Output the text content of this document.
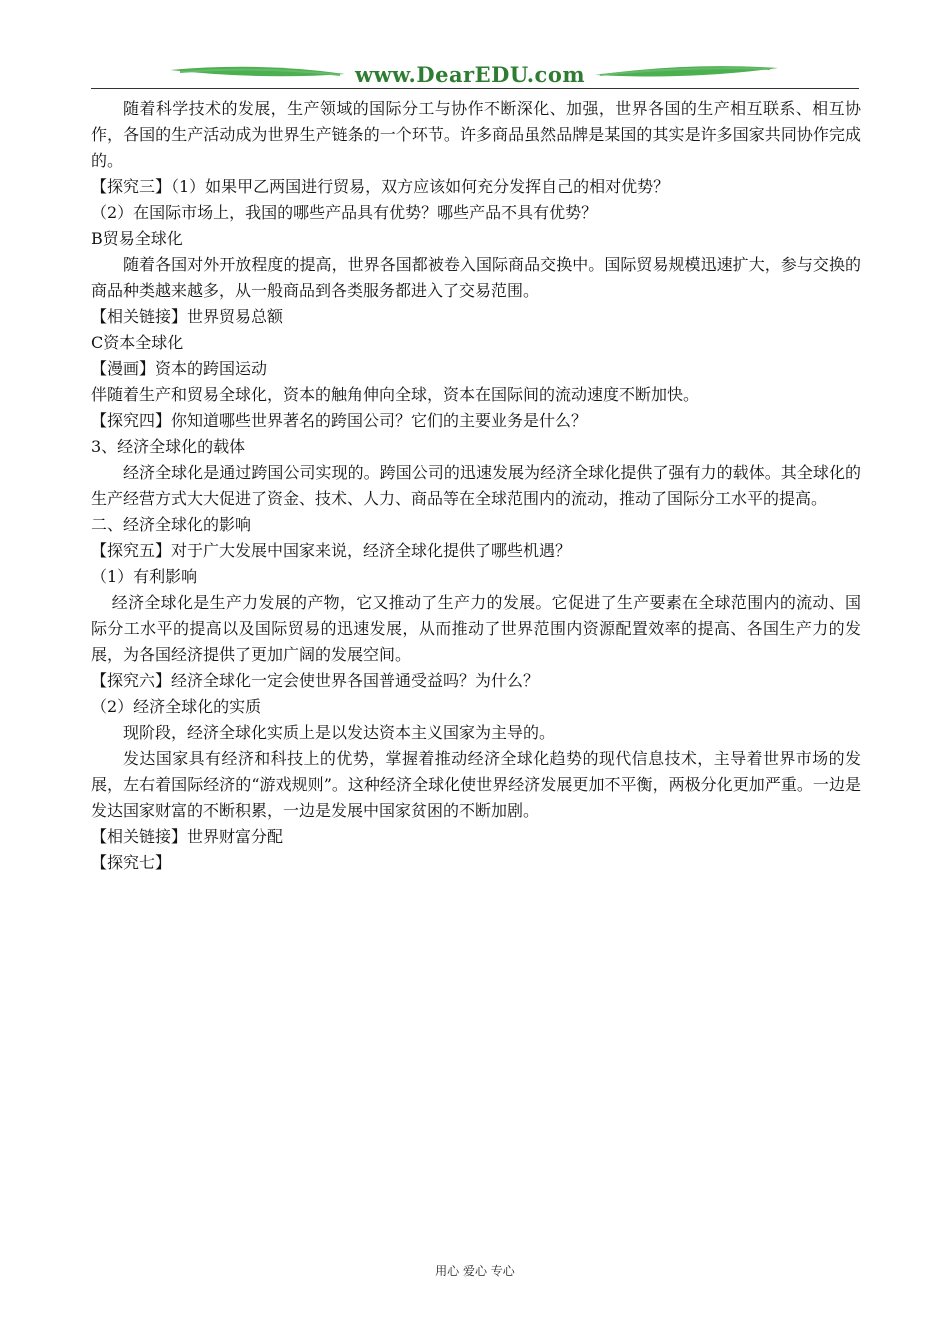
www.DearEDU.com

随着科学技术的发展，生产领域的国际分工与协作不断深化、加强，世界各国的生产相互联系、相互协作，各国的生产活动成为世界生产链条的一个环节。许多商品虽然品牌是某国的其实是许多国家共同协作完成的。

【探究三】（1）如果甲乙两国进行贸易，双方应该如何充分发挥自己的相对优势？

（2）在国际市场上，我国的哪些产品具有优势？哪些产品不具有优势？

B贸易全球化

随着各国对外开放程度的提高，世界各国都被卷入国际商品交换中。国际贸易规模迅速扩大，参与交换的商品种类越来越多，从一般商品到各类服务都进入了交易范围。

【相关链接】世界贸易总额

C资本全球化

【漫画】资本的跨国运动

伴随着生产和贸易全球化，资本的触角伸向全球，资本在国际间的流动速度不断加快。

【探究四】你知道哪些世界著名的跨国公司？它们的主要业务是什么？

3、经济全球化的载体

经济全球化是通过跨国公司实现的。跨国公司的迅速发展为经济全球化提供了强有力的载体。其全球化的生产经营方式大大促进了资金、技术、人力、商品等在全球范围内的流动，推动了国际分工水平的提高。

二、经济全球化的影响

【探究五】对于广大发展中国家来说，经济全球化提供了哪些机遇？

（1）有利影响

经济全球化是生产力发展的产物，它又推动了生产力的发展。它促进了生产要素在全球范围内的流动、国际分工水平的提高以及国际贸易的迅速发展，从而推动了世界范围内资源配置效率的提高、各国生产力的发展，为各国经济提供了更加广阔的发展空间。

【探究六】经济全球化一定会使世界各国普通受益吗？为什么？

（2）经济全球化的实质

现阶段，经济全球化实质上是以发达资本主义国家为主导的。

发达国家具有经济和科技上的优势，掌握着推动经济全球化趋势的现代信息技术，主导着世界市场的发展，左右着国际经济的“游戏规则”。这种经济全球化使世界经济发展更加不平衡，两极分化更加严重。一边是发达国家财富的不断积累，一边是发展中国家贫困的不断加剧。

【相关链接】世界财富分配

【探究七】

用心 爱心 专心
